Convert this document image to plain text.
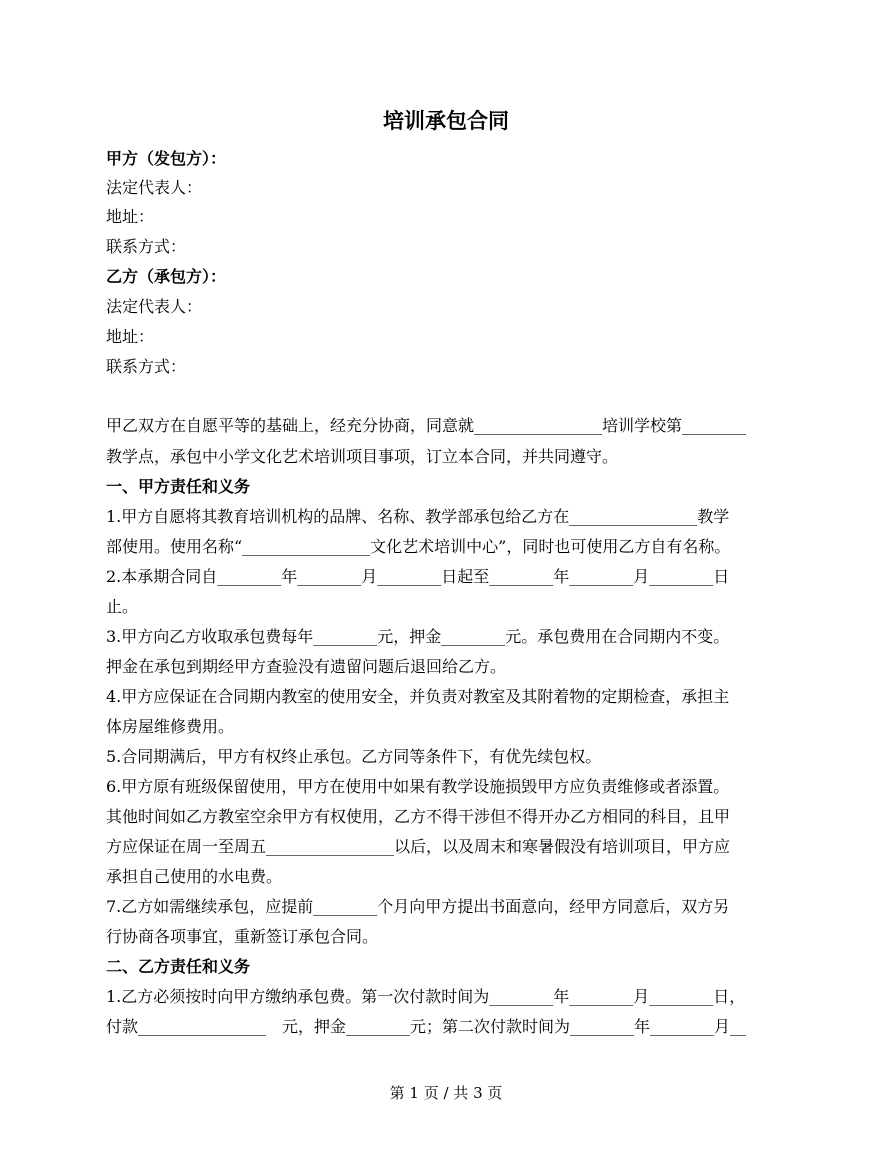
培训承包合同
甲方（发包方）：
法定代表人：
地址：
联系方式：
乙方（承包方）：
法定代表人：
地址：
联系方式：
甲乙双方在自愿平等的基础上，经充分协商，同意就________________培训学校第________
教学点，承包中小学文化艺术培训项目事项，订立本合同，并共同遵守。
一、甲方责任和义务
1.甲方自愿将其教育培训机构的品牌、名称、教学部承包给乙方在________________教学
部使用。使用名称“________________文化艺术培训中心”，同时也可使用乙方自有名称。
2.本承期合同自________年________月________日起至________年________月________日
止。
3.甲方向乙方收取承包费每年________元，押金________元。承包费用在合同期内不变。
押金在承包到期经甲方查验没有遗留问题后退回给乙方。
4.甲方应保证在合同期内教室的使用安全，并负责对教室及其附着物的定期检查，承担主
体房屋维修费用。
5.合同期满后，甲方有权终止承包。乙方同等条件下，有优先续包权。
6.甲方原有班级保留使用，甲方在使用中如果有教学设施损毁甲方应负责维修或者添置。
其他时间如乙方教室空余甲方有权使用，乙方不得干涉但不得开办乙方相同的科目，且甲
方应保证在周一至周五________________以后，以及周末和寒暑假没有培训项目，甲方应
承担自己使用的水电费。
7.乙方如需继续承包，应提前________个月向甲方提出书面意向，经甲方同意后，双方另
行协商各项事宜，重新签订承包合同。
二、乙方责任和义务
1.乙方必须按时向甲方缴纳承包费。第一次付款时间为________年________月________日，
付款________________　元，押金________元；第二次付款时间为________年________月__
第 1 页 / 共 3 页
